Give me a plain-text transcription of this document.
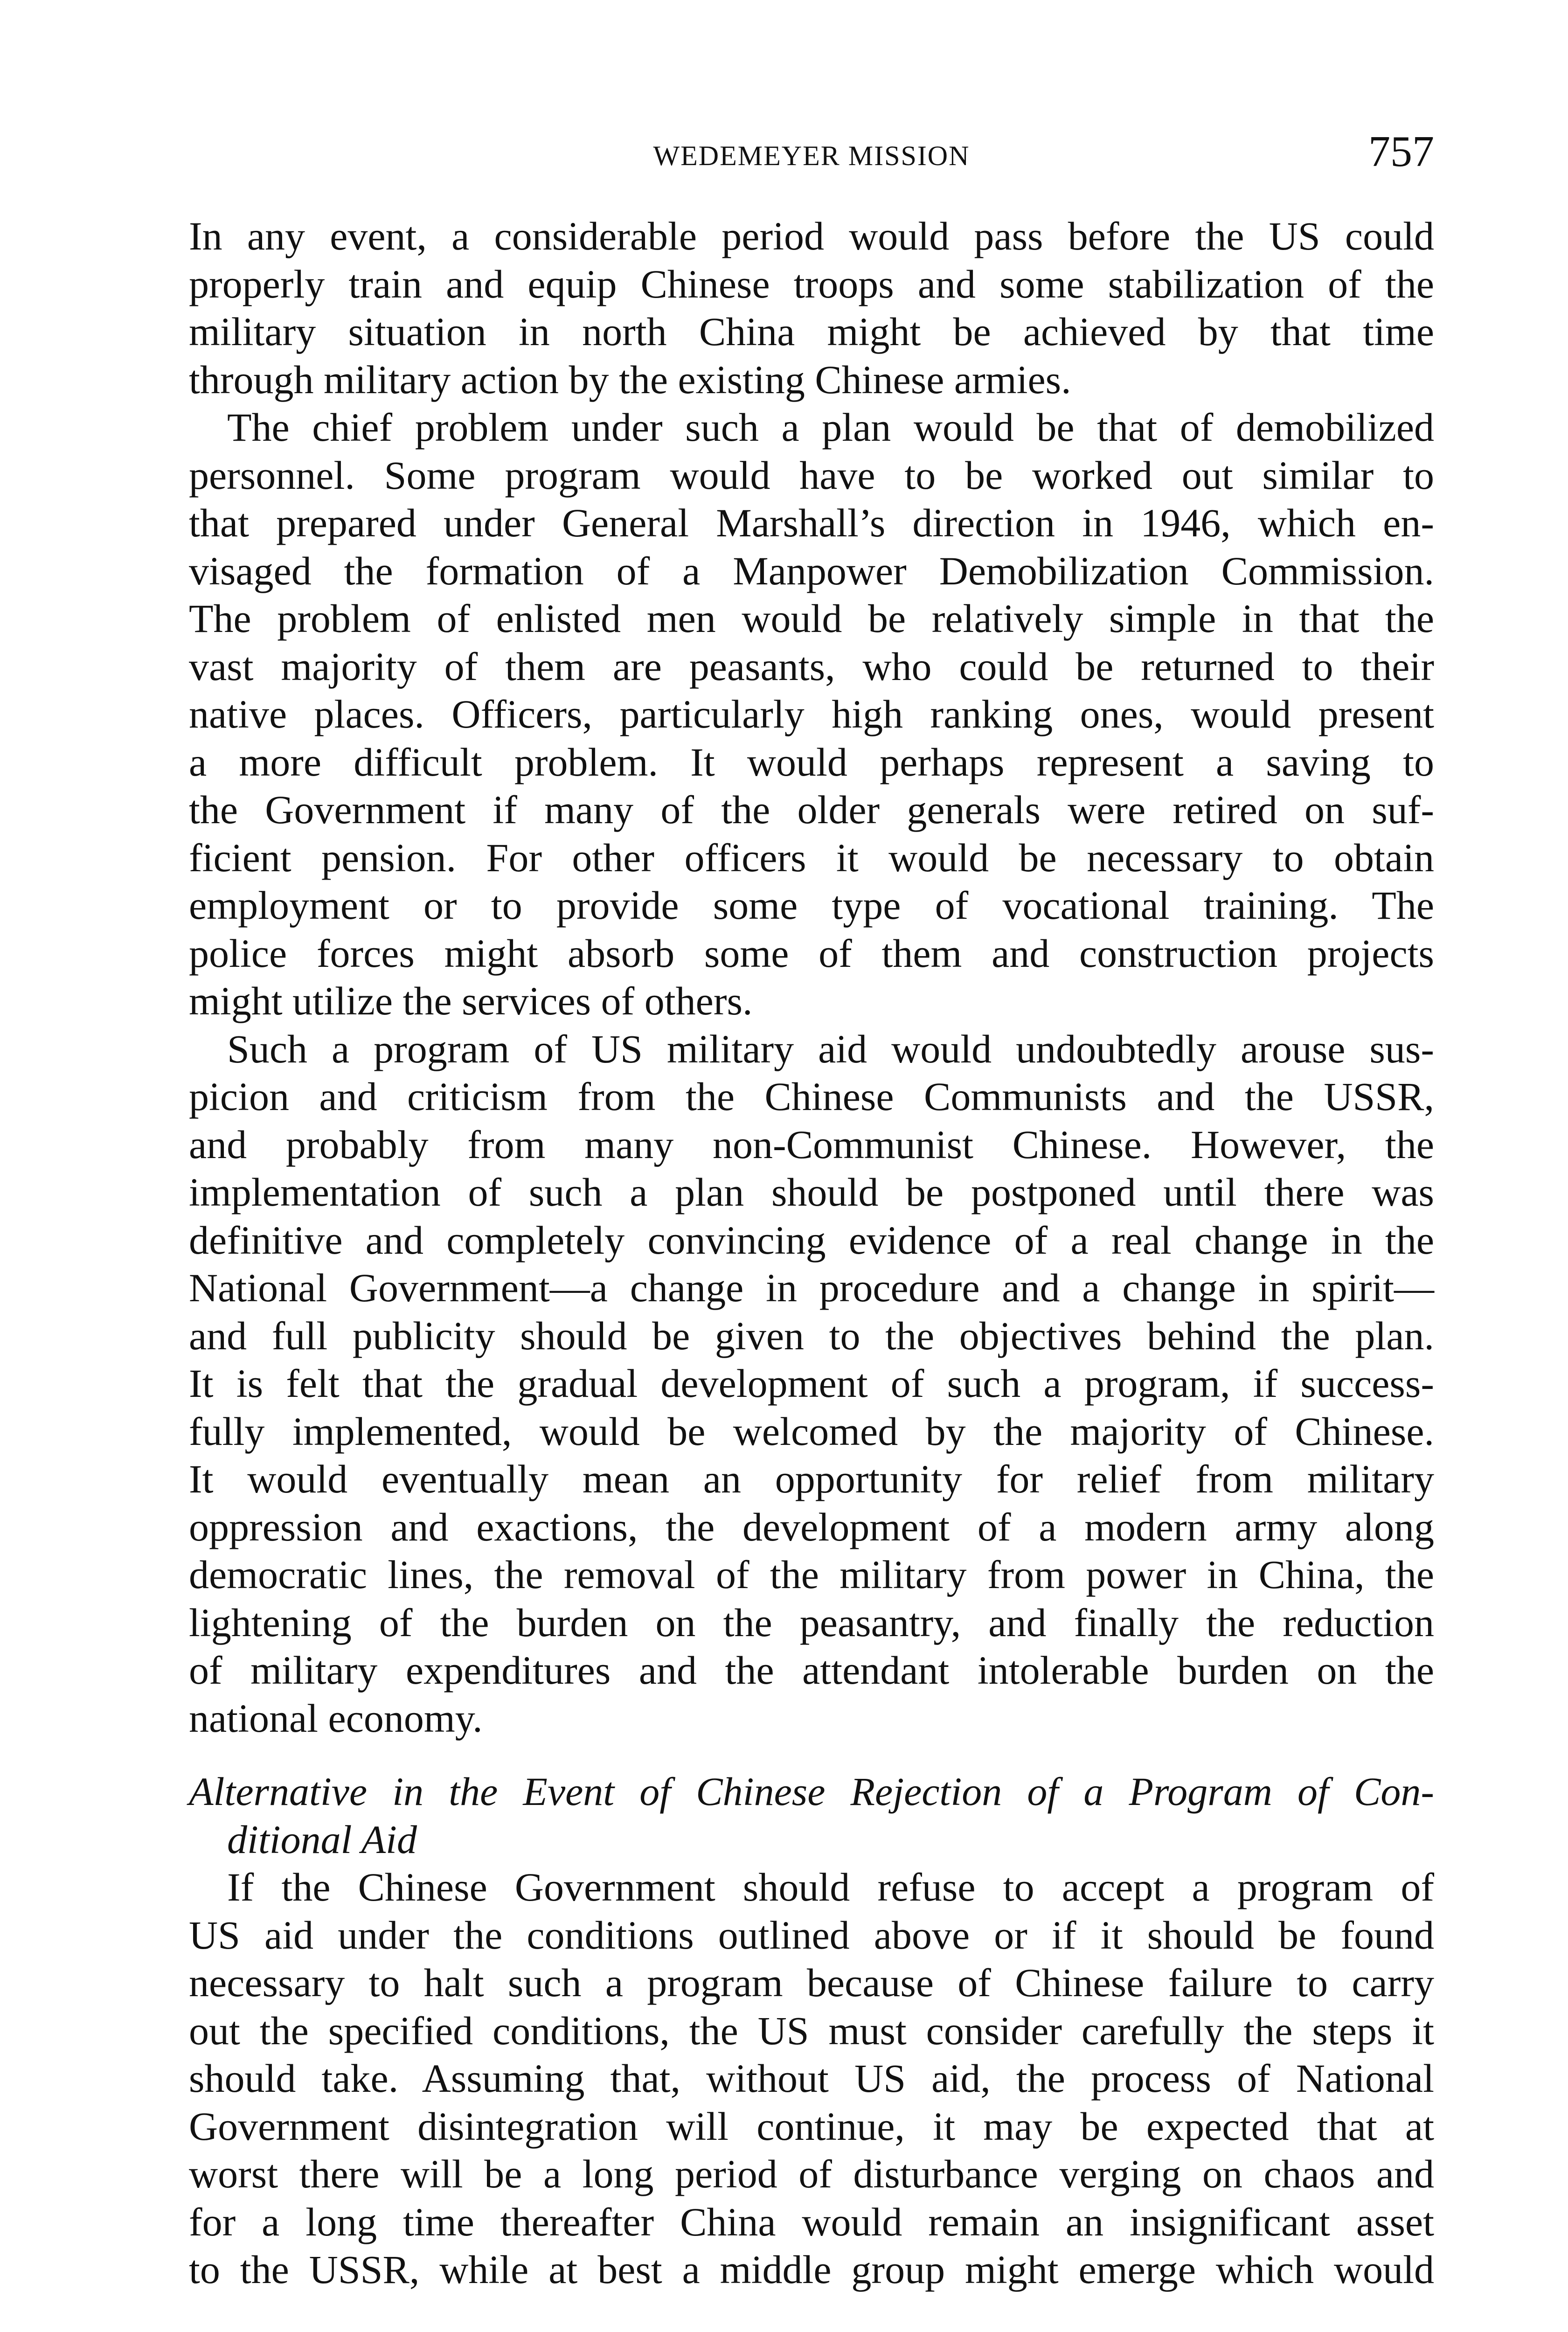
WEDEMEYER MISSION	757
In any event, a considerable period would pass before the US could
properly train and equip Chinese troops and some stabilization of the
military situation in north China might be achieved by that time
through military action by the existing Chinese armies.
The chief problem under such a plan would be that of demobilized
personnel. Some program would have to be worked out similar to
that prepared under General Marshall’s direction in 1946, which en-
visaged the formation of a Manpower Demobilization Commission.
The problem of enlisted men would be relatively simple in that the
vast majority of them are peasants, who could be returned to their
native places. Officers, particularly high ranking ones, would present
a more difficult problem. It would perhaps represent a saving to
the Government if many of the older generals were retired on suf-
ficient pension. For other officers it would be necessary to obtain
employment or to provide some type of vocational training. The
police forces might absorb some of them and construction projects
might utilize the services of others.
Such a program of US military aid would undoubtedly arouse sus-
picion and criticism from the Chinese Communists and the USSR,
and probably from many non-Communist Chinese. However, the
implementation of such a plan should be postponed until there was
definitive and completely convincing evidence of a real change in the
National Government—a change in procedure and a change in spirit—
and full publicity should be given to the objectives behind the plan.
It is felt that the gradual development of such a program, if success-
fully implemented, would be welcomed by the majority of Chinese.
It would eventually mean an opportunity for relief from military
oppression and exactions, the development of a modern army along
democratic lines, the removal of the military from power in China, the
lightening of the burden on the peasantry, and finally the reduction
of military expenditures and the attendant intolerable burden on the
national economy.
Alternative in the Event of Chinese Rejection of a Program of Con-
ditional Aid
If the Chinese Government should refuse to accept a program of
US aid under the conditions outlined above or if it should be found
necessary to halt such a program because of Chinese failure to carry
out the specified conditions, the US must consider carefully the steps it
should take. Assuming that, without US aid, the process of National
Government disintegration will continue, it may be expected that at
worst there will be a long period of disturbance verging on chaos and
for a long time thereafter China would remain an insignificant asset
to the USSR, while at best a middle group might emerge which would
